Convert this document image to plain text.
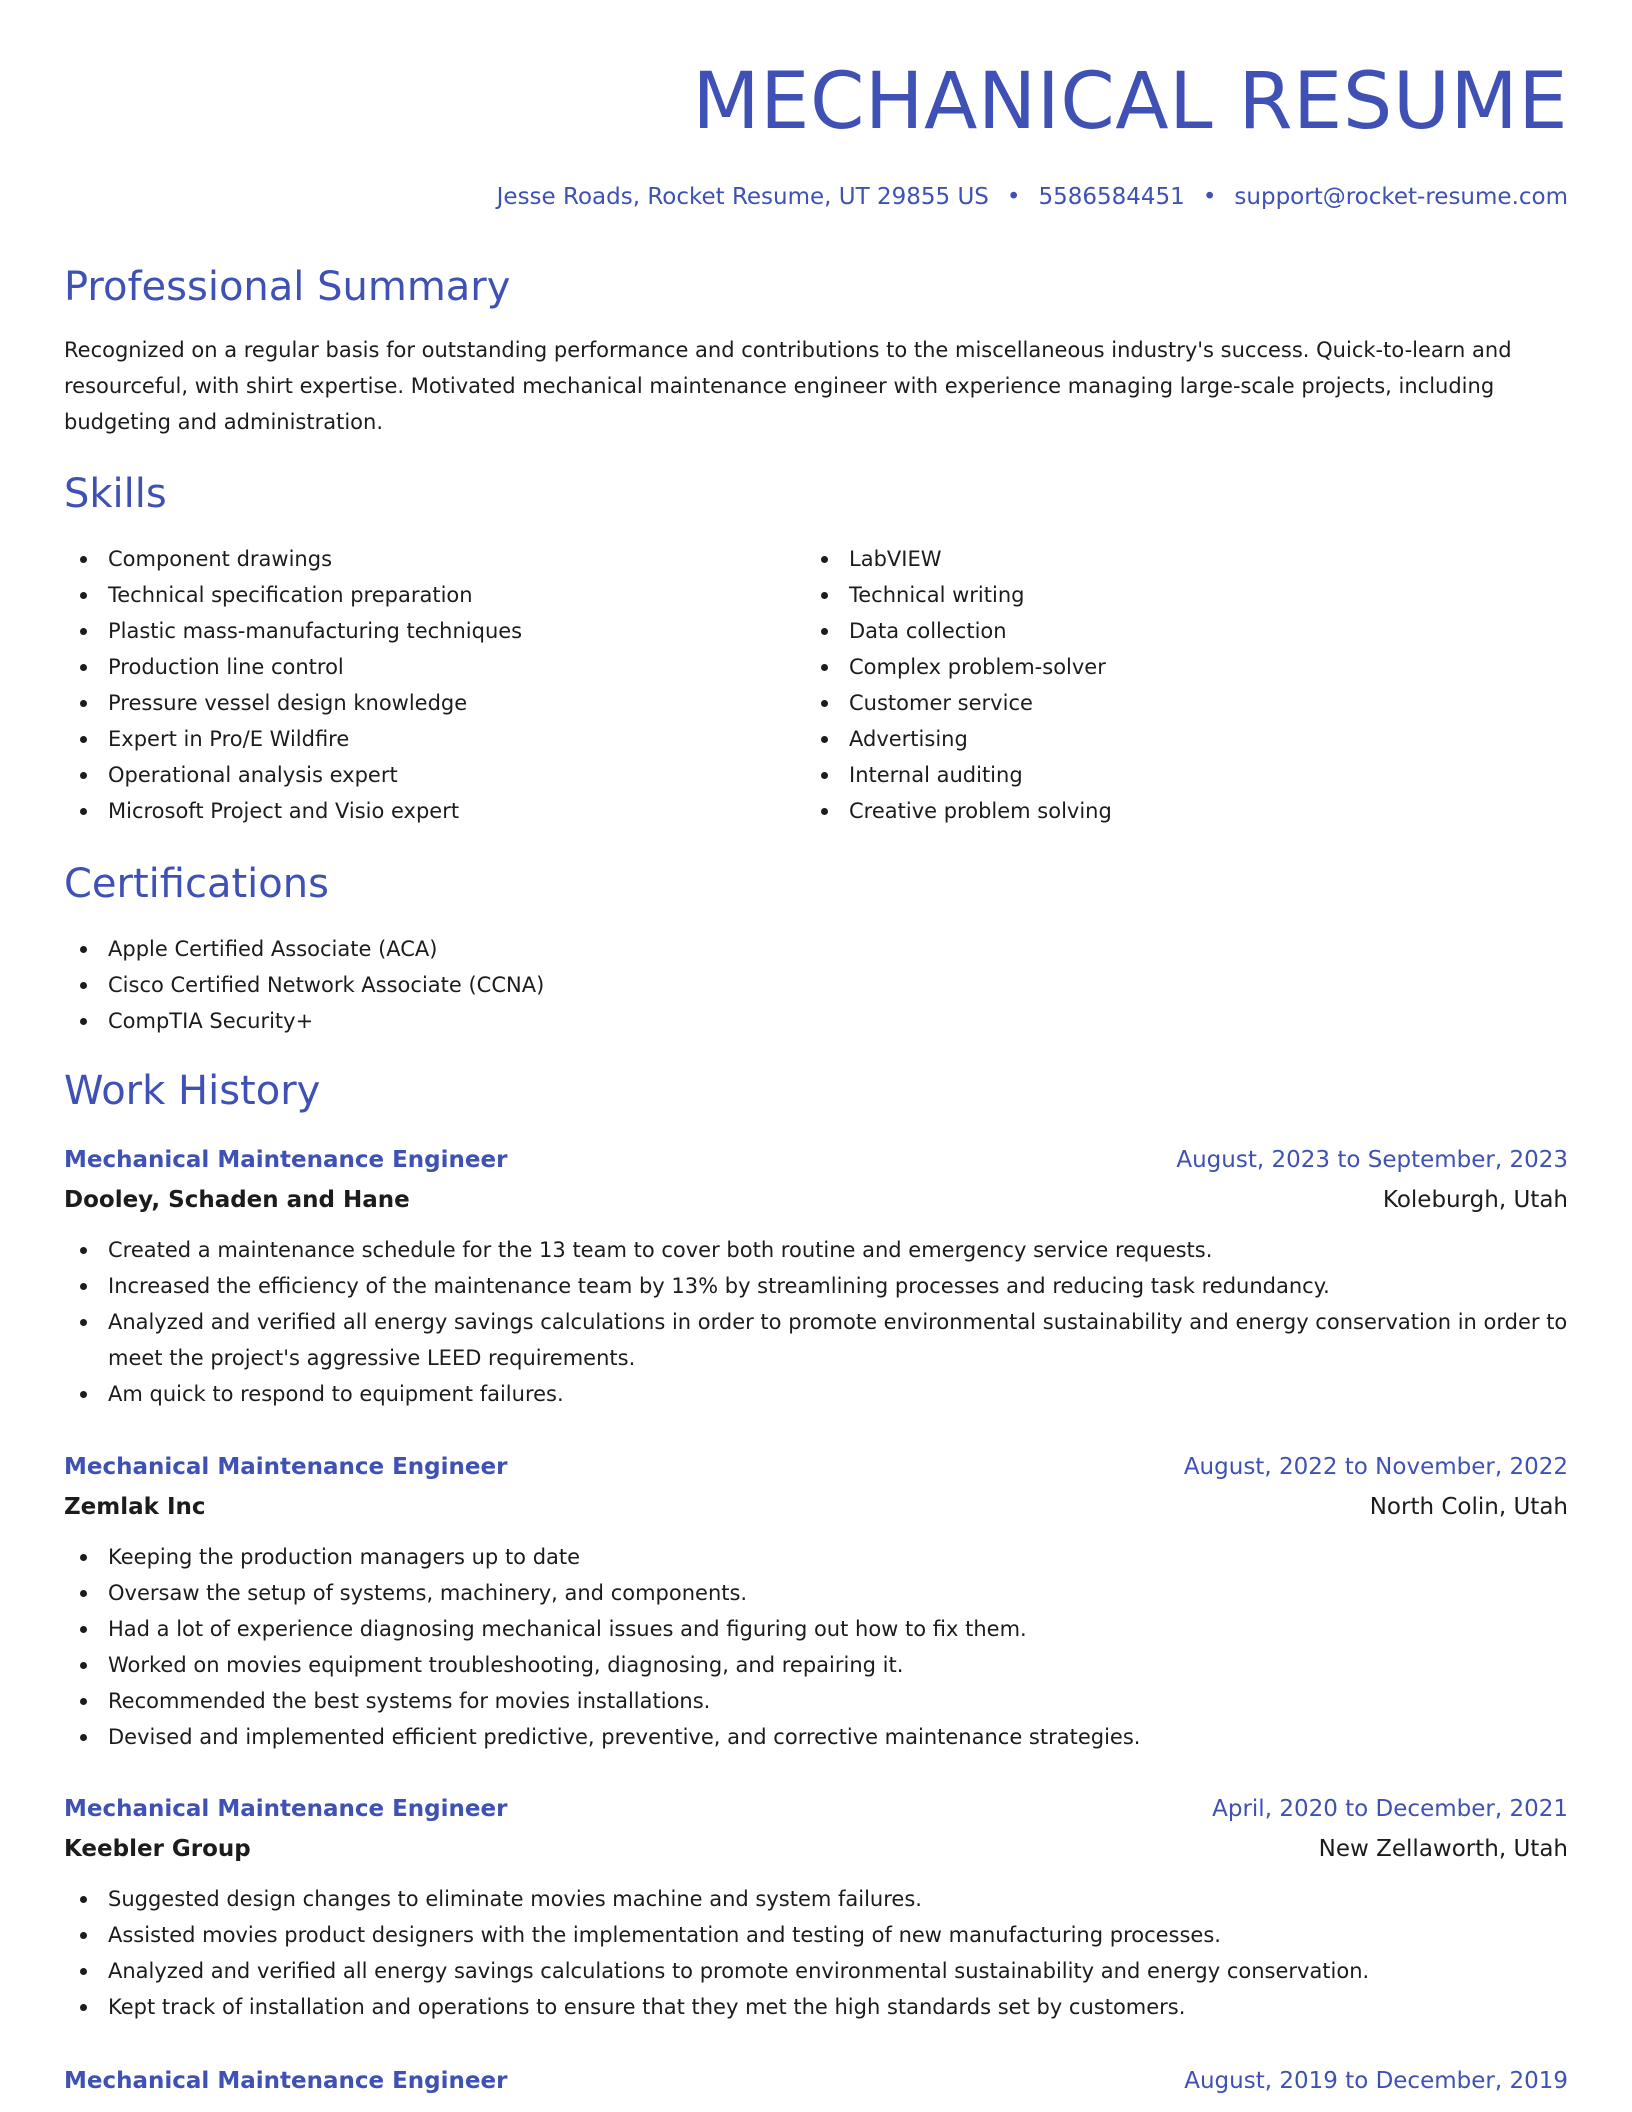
MECHANICAL RESUME
Jesse Roads, Rocket Resume, UT 29855 US • 5586584451 • support@rocket-resume.com
Professional Summary

Recognized on a regular basis for outstanding performance and contributions to the miscellaneous industry's success. Quick-to-learn and resourceful, with shirt expertise. Motivated mechanical maintenance engineer with experience managing large-scale projects, including budgeting and administration.

Skills
Component drawings
Technical specification preparation
Plastic mass-manufacturing techniques
Production line control
Pressure vessel design knowledge
Expert in Pro/E Wildfire
Operational analysis expert
Microsoft Project and Visio expert
LabVIEW
Technical writing
Data collection
Complex problem-solver
Customer service
Advertising
Internal auditing
Creative problem solving
Certifications
Apple Certified Associate (ACA)
Cisco Certified Network Associate (CCNA)
CompTIA Security+
Work History
Mechanical Maintenance Engineer	August, 2023 to September, 2023
Dooley, Schaden and Hane	Koleburgh, Utah
Created a maintenance schedule for the 13 team to cover both routine and emergency service requests.
Increased the efficiency of the maintenance team by 13% by streamlining processes and reducing task redundancy.
Analyzed and verified all energy savings calculations in order to promote environmental sustainability and energy conservation in order to meet the project's aggressive LEED requirements.
Am quick to respond to equipment failures.
Mechanical Maintenance Engineer	August, 2022 to November, 2022
Zemlak Inc	North Colin, Utah
Keeping the production managers up to date
Oversaw the setup of systems, machinery, and components.
Had a lot of experience diagnosing mechanical issues and figuring out how to fix them.
Worked on movies equipment troubleshooting, diagnosing, and repairing it.
Recommended the best systems for movies installations.
Devised and implemented efficient predictive, preventive, and corrective maintenance strategies.
Mechanical Maintenance Engineer	April, 2020 to December, 2021
Keebler Group	New Zellaworth, Utah
Suggested design changes to eliminate movies machine and system failures.
Assisted movies product designers with the implementation and testing of new manufacturing processes.
Analyzed and verified all energy savings calculations to promote environmental sustainability and energy conservation.
Kept track of installation and operations to ensure that they met the high standards set by customers.
Mechanical Maintenance Engineer	August, 2019 to December, 2019
